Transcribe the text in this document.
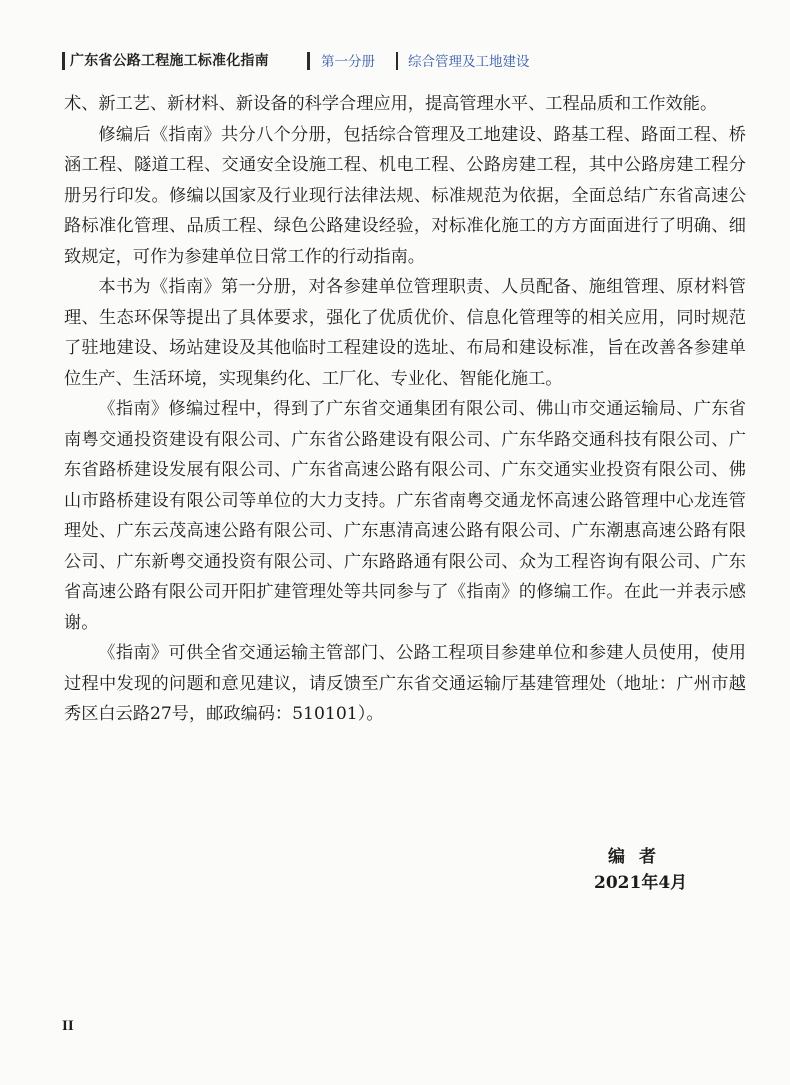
广东省公路工程施工标准化指南	第一分册 综合管理及工地建设

术、新工艺、新材料、新设备的科学合理应用，提高管理水平、工程品质和工作效能。

修编后《指南》共分八个分册，包括综合管理及工地建设、路基工程、路面工程、桥涵工程、隧道工程、交通安全设施工程、机电工程、公路房建工程，其中公路房建工程分册另行印发。修编以国家及行业现行法律法规、标准规范为依据，全面总结广东省高速公路标准化管理、品质工程、绿色公路建设经验，对标准化施工的方方面面进行了明确、细致规定，可作为参建单位日常工作的行动指南。

本书为《指南》第一分册，对各参建单位管理职责、人员配备、施组管理、原材料管理、生态环保等提出了具体要求，强化了优质优价、信息化管理等的相关应用，同时规范了驻地建设、场站建设及其他临时工程建设的选址、布局和建设标准，旨在改善各参建单位生产、生活环境，实现集约化、工厂化、专业化、智能化施工。

《指南》修编过程中，得到了广东省交通集团有限公司、佛山市交通运输局、广东省南粤交通投资建设有限公司、广东省公路建设有限公司、广东华路交通科技有限公司、广东省路桥建设发展有限公司、广东省高速公路有限公司、广东交通实业投资有限公司、佛山市路桥建设有限公司等单位的大力支持。广东省南粤交通龙怀高速公路管理中心龙连管理处、广东云茂高速公路有限公司、广东惠清高速公路有限公司、广东潮惠高速公路有限公司、广东新粤交通投资有限公司、广东路路通有限公司、众为工程咨询有限公司、广东省高速公路有限公司开阳扩建管理处等共同参与了《指南》的修编工作。在此一并表示感谢。

《指南》可供全省交通运输主管部门、公路工程项目参建单位和参建人员使用，使用过程中发现的问题和意见建议，请反馈至广东省交通运输厅基建管理处（地址：广州市越秀区白云路27号，邮政编码：510101）。

编者
2021年4月
II
